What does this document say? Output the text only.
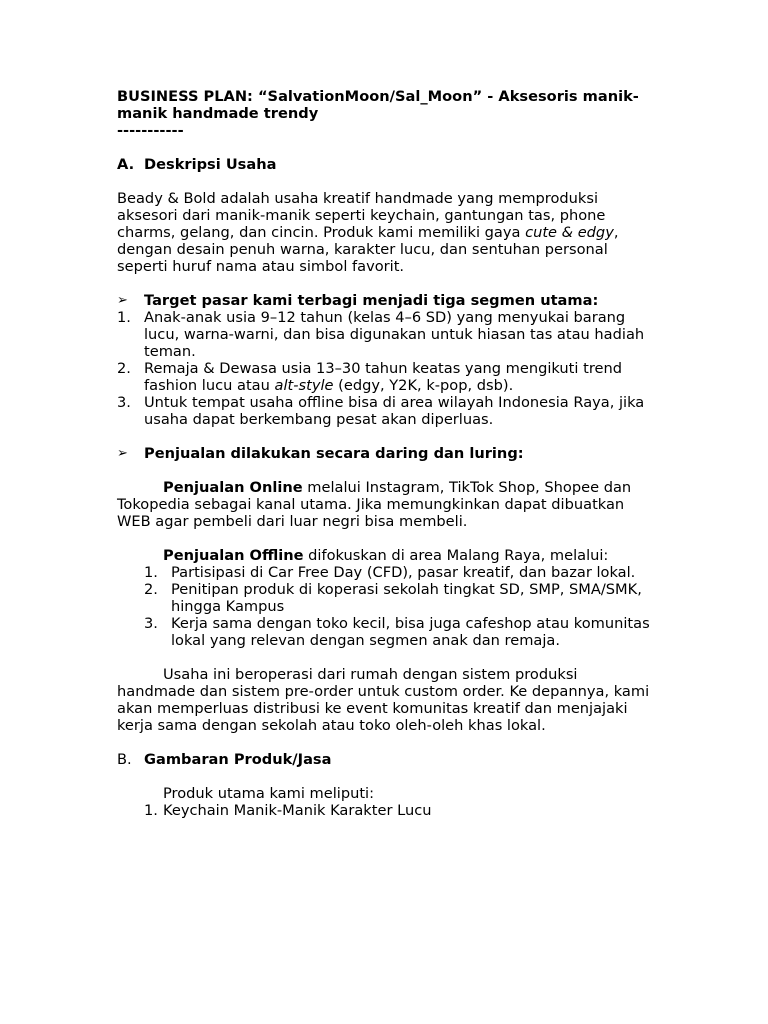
BUSINESS PLAN: “SalvationMoon/Sal_Moon” - Aksesoris manik-manik handmade trendy

-----------

A. Deskripsi Usaha

Beady & Bold adalah usaha kreatif handmade yang memproduksi aksesori dari manik-manik seperti keychain, gantungan tas, phone charms, gelang, dan cincin. Produk kami memiliki gaya cute & edgy, dengan desain penuh warna, karakter lucu, dan sentuhan personal seperti huruf nama atau simbol favorit.

➢	Target pasar kami terbagi menjadi tiga segmen utama:
1. Anak-anak usia 9–12 tahun (kelas 4–6 SD) yang menyukai barang lucu, warna-warni, dan bisa digunakan untuk hiasan tas atau hadiah teman.
2. Remaja & Dewasa usia 13–30 tahun keatas yang mengikuti trend fashion lucu atau alt-style (edgy, Y2K, k-pop, dsb).
3. Untuk tempat usaha offline bisa di area wilayah Indonesia Raya, jika usaha dapat berkembang pesat akan diperluas.
➢	Penjualan dilakukan secara daring dan luring:

Penjualan Online melalui Instagram, TikTok Shop, Shopee dan Tokopedia sebagai kanal utama. Jika memungkinkan dapat dibuatkan WEB agar pembeli dari luar negri bisa membeli.

Penjualan Offline difokuskan di area Malang Raya, melalui:

1. Partisipasi di Car Free Day (CFD), pasar kreatif, dan bazar lokal.
2. Penitipan produk di koperasi sekolah tingkat SD, SMP, SMA/SMK, hingga Kampus
3. Kerja sama dengan toko kecil, bisa juga cafeshop atau komunitas lokal yang relevan dengan segmen anak dan remaja.

Usaha ini beroperasi dari rumah dengan sistem produksi handmade dan sistem pre-order untuk custom order. Ke depannya, kami akan memperluas distribusi ke event komunitas kreatif dan menjajaki kerja sama dengan sekolah atau toko oleh-oleh khas lokal.

B. Gambaran Produk/Jasa

Produk utama kami meliputi:

1. Keychain Manik-Manik Karakter Lucu
